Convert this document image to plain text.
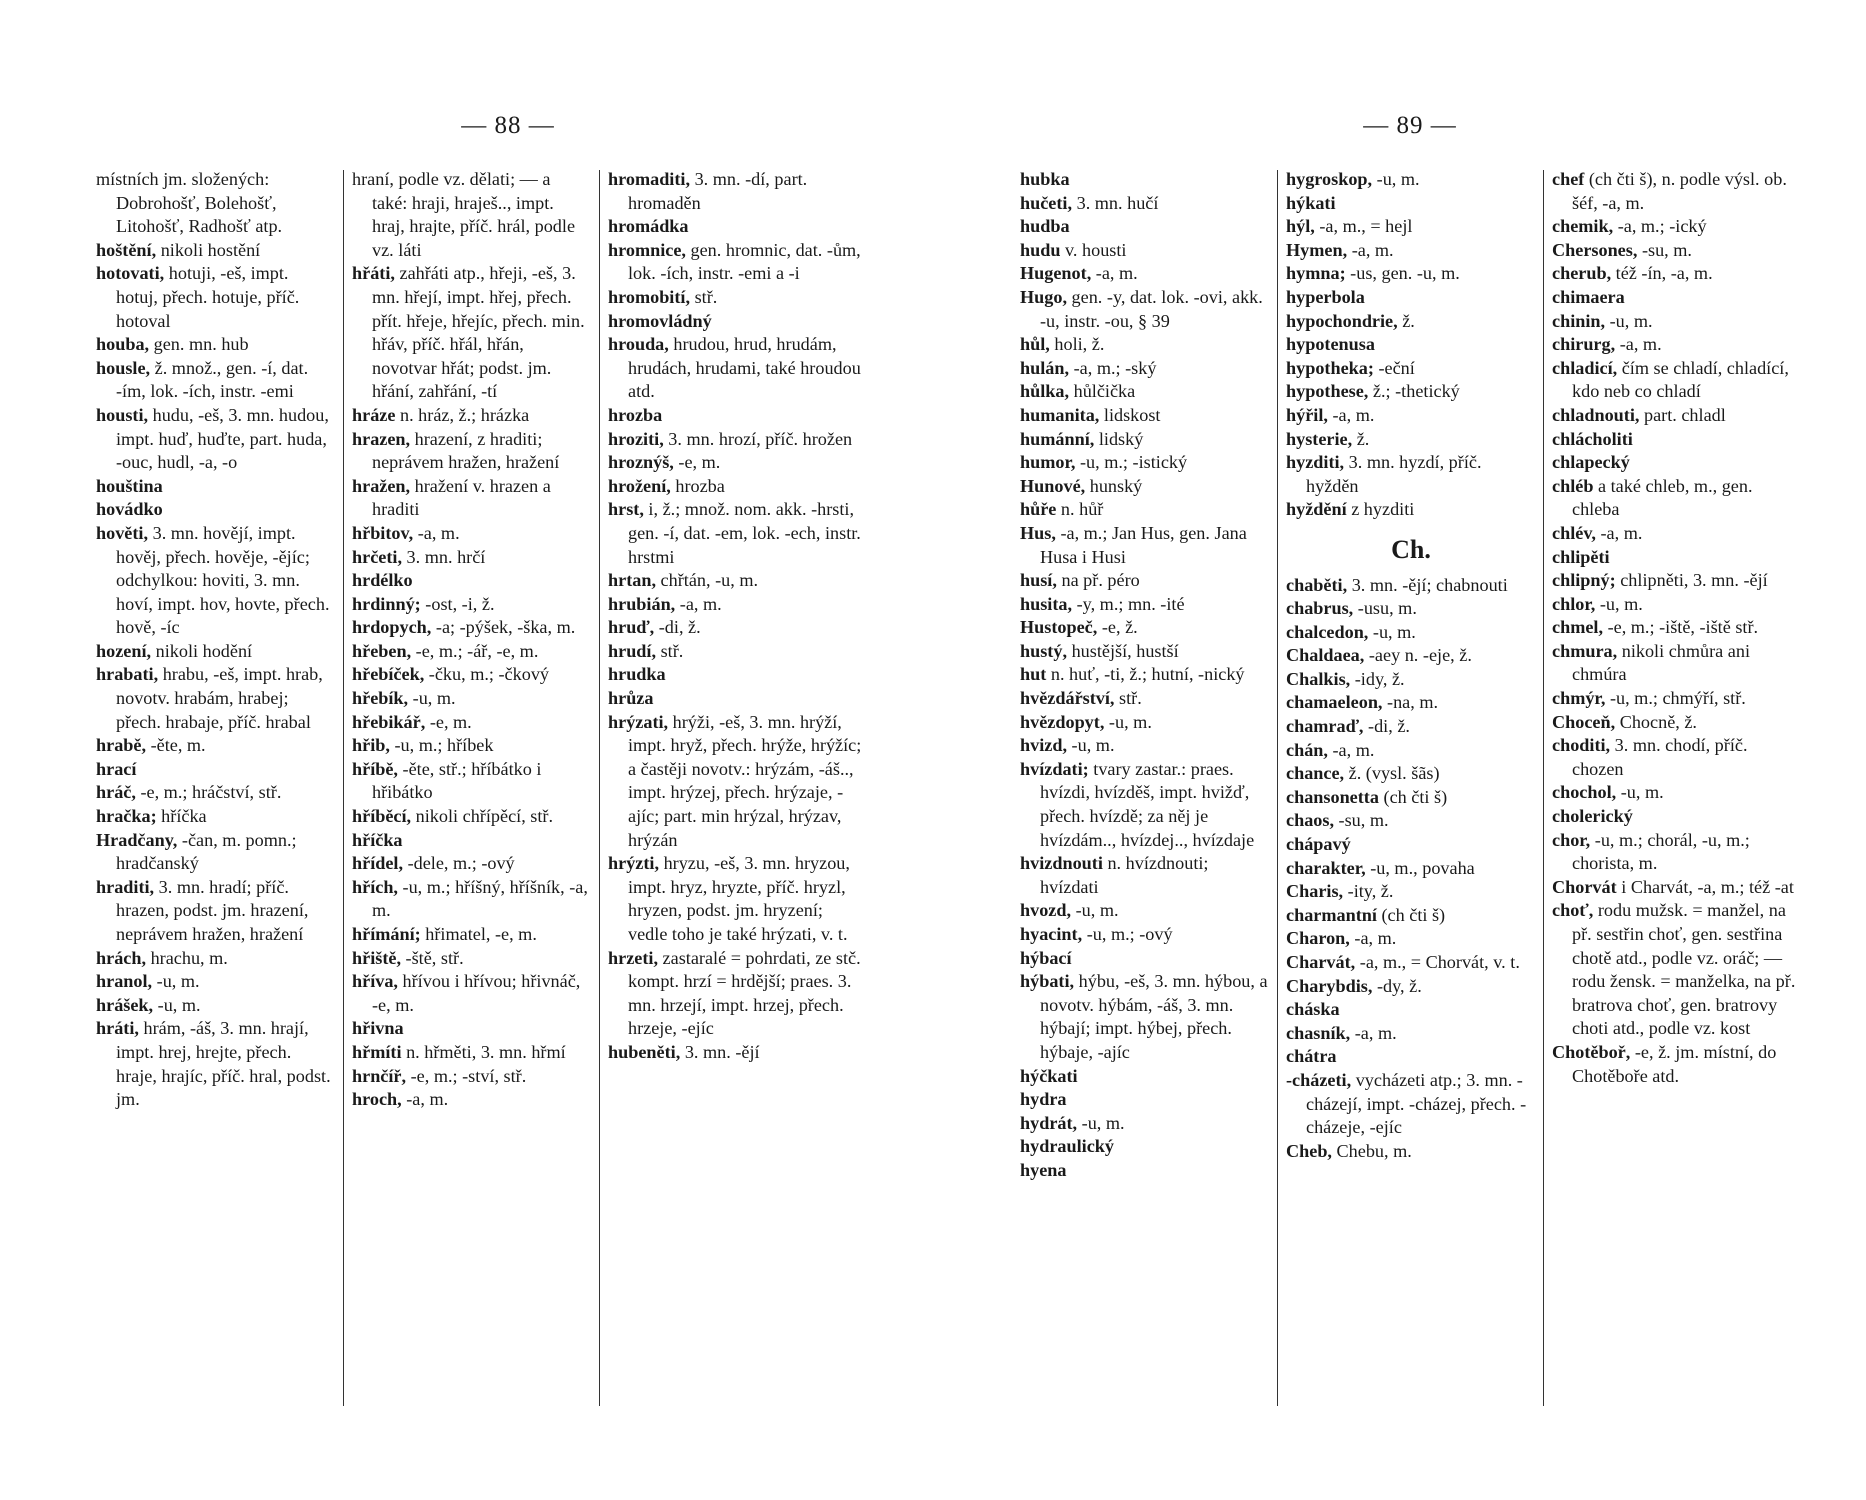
— 88 —

místních jm. složených: Dobrohošť, Bolehošť, Litohošť, Radhošť atp.

hoštění, nikoli hostění

hotovati, hotuji, -eš, impt. hotuj, přech. hotuje, příč. hotoval

houba, gen. mn. hub

housle, ž. množ., gen. -í, dat. -ím, lok. -ích, instr. -emi

housti, hudu, -eš, 3. mn. hudou, impt. huď, huďte, part. huda, -ouc, hudl, -a, -o

houština

hovádko

hověti, 3. mn. hovějí, impt. hověj, přech. hověje, -ějíc; odchylkou: hoviti, 3. mn. hoví, impt. hov, hovte, přech. hově, -íc

hození, nikoli hodění

hrabati, hrabu, -eš, impt. hrab, novotv. hrabám, hrabej; přech. hrabaje, příč. hrabal

hrabě, -ěte, m.

hrací

hráč, -e, m.; hráčství, stř.

hračka; hříčka

Hradčany, -čan, m. pomn.; hradčanský

hraditi, 3. mn. hradí; příč. hrazen, podst. jm. hrazení, neprávem hražen, hražení

hrách, hrachu, m.

hranol, -u, m.

hrášek, -u, m.

hráti, hrám, -áš, 3. mn. hrají, impt. hrej, hrejte, přech. hraje, hrajíc, příč. hral, podst. jm.

hraní, podle vz. dělati; — a také: hraji, hraješ.., impt. hraj, hrajte, příč. hrál, podle vz. láti

hřáti, zahřáti atp., hřeji, -eš, 3. mn. hřejí, impt. hřej, přech. přít. hřeje, hřejíc, přech. min. hřáv, příč. hřál, hřán, novotvar hřát; podst. jm. hřání, zahřání, -tí

hráze n. hráz, ž.; hrázka

hrazen, hrazení, z hraditi; neprávem hražen, hražení

hražen, hražení v. hrazen a hraditi

hřbitov, -a, m.

hrčeti, 3. mn. hrčí

hrdélko

hrdinný; -ost, -i, ž.

hrdopych, -a; -pýšek, -ška, m.

hřeben, -e, m.; -ář, -e, m.

hřebíček, -čku, m.; -čkový

hřebík, -u, m.

hřebikář, -e, m.

hřib, -u, m.; hříbek

hříbě, -ěte, stř.; hříbátko i hřibátko

hříběcí, nikoli chřípěcí, stř.

hříčka

hřídel, -dele, m.; -ový

hřích, -u, m.; hříšný, hříšník, -a, m.

hřímání; hřimatel, -e, m.

hřiště, -ště, stř.

hříva, hřívou i hřívou; hřivnáč, -e, m.

hřivna

hřmíti n. hřměti, 3. mn. hřmí

hrnčíř, -e, m.; -ství, stř.

hroch, -a, m.

hromaditi, 3. mn. -dí, part. hromaděn

hromádka

hromnice, gen. hromnic, dat. -ům, lok. -ích, instr. -emi a -i

hromobití, stř.

hromovládný

hrouda, hrudou, hrud, hrudám, hrudách, hrudami, také hroudou atd.

hrozba

hroziti, 3. mn. hrozí, příč. hrožen

hroznýš, -e, m.

hrožení, hrozba

hrst, i, ž.; množ. nom. akk. -hrsti, gen. -í, dat. -em, lok. -ech, instr. hrstmi

hrtan, chřtán, -u, m.

hrubián, -a, m.

hruď, -di, ž.

hrudí, stř.

hrudka

hrůza

hrýzati, hrýži, -eš, 3. mn. hrýží, impt. hryž, přech. hrýže, hrýžíc; a častěji novotv.: hrýzám, -áš.., impt. hrýzej, přech. hrýzaje, -ajíc; part. min hrýzal, hrýzav, hrýzán

hrýzti, hryzu, -eš, 3. mn. hryzou, impt. hryz, hryzte, příč. hryzl, hryzen, podst. jm. hryzení; vedle toho je také hrýzati, v. t.

hrzeti, zastaralé = pohrdati, ze stč. kompt. hrzí = hrdější; praes. 3. mn. hrzejí, impt. hrzej, přech. hrzeje, -ejíc

hubeněti, 3. mn. -ějí

— 89 —

hubka

hučeti, 3. mn. hučí

hudba

hudu v. housti

Hugenot, -a, m.

Hugo, gen. -y, dat. lok. -ovi, akk. -u, instr. -ou, § 39

hůl, holi, ž.

hulán, -a, m.; -ský

hůlka, hůlčička

humanita, lidskost

humánní, lidský

humor, -u, m.; -istický

Hunové, hunský

hůře n. hůř

Hus, -a, m.; Jan Hus, gen. Jana Husa i Husi

husí, na př. péro

husita, -y, m.; mn. -ité

Hustopeč, -e, ž.

hustý, hustější, hustší

hut n. huť, -ti, ž.; hutní, -nický

hvězdářství, stř.

hvězdopyt, -u, m.

hvizd, -u, m.

hvízdati; tvary zastar.: praes. hvízdi, hvízděš, impt. hvižď, přech. hvízdě; za něj je hvízdám.., hvízdej.., hvízdaje

hvizdnouti n. hvízdnouti; hvízdati

hvozd, -u, m.

hyacint, -u, m.; -ový

hýbací

hýbati, hýbu, -eš, 3. mn. hýbou, a novotv. hýbám, -áš, 3. mn. hýbají; impt. hýbej, přech. hýbaje, -ajíc

hýčkati

hydra

hydrát, -u, m.

hydraulický

hyena

hygroskop, -u, m.

hýkati

hýl, -a, m., = hejl

Hymen, -a, m.

hymna; -us, gen. -u, m.

hyperbola

hypochondrie, ž.

hypotenusa

hypotheka; -eční

hypothese, ž.; -thetický

hýřil, -a, m.

hysterie, ž.

hyzditi, 3. mn. hyzdí, příč. hyžděn

hyždění z hyzditi

Ch.

chaběti, 3. mn. -ějí; chabnouti

chabrus, -usu, m.

chalcedon, -u, m.

Chaldaea, -aey n. -eje, ž.

Chalkis, -idy, ž.

chamaeleon, -na, m.

chamraď, -di, ž.

chán, -a, m.

chance, ž. (vysl. šãs)

chansonetta (ch čti š)

chaos, -su, m.

chápavý

charakter, -u, m., povaha

Charis, -ity, ž.

charmantní (ch čti š)

Charon, -a, m.

Charvát, -a, m., = Chorvát, v. t.

Charybdis, -dy, ž.

cháska

chasník, -a, m.

chátra

-cházeti, vycházeti atp.; 3. mn. -cházejí, impt. -cházej, přech. -cházeje, -ejíc

Cheb, Chebu, m.

chef (ch čti š), n. podle výsl. ob. šéf, -a, m.

chemik, -a, m.; -ický

Chersones, -su, m.

cherub, též -ín, -a, m.

chimaera

chinin, -u, m.

chirurg, -a, m.

chladicí, čím se chladí, chladící, kdo neb co chladí

chladnouti, part. chladl

chlácholiti

chlapecký

chléb a také chleb, m., gen. chleba

chlév, -a, m.

chlipěti

chlipný; chlipněti, 3. mn. -ějí

chlor, -u, m.

chmel, -e, m.; -iště, -iště stř.

chmura, nikoli chmůra ani chmúra

chmýr, -u, m.; chmýří, stř.

Choceň, Chocně, ž.

choditi, 3. mn. chodí, příč. chozen

chochol, -u, m.

cholerický

chor, -u, m.; chorál, -u, m.; chorista, m.

Chorvát i Charvát, -a, m.; též -at

choť, rodu mužsk. = manžel, na př. sestřin choť, gen. sestřina chotě atd., podle vz. oráč; — rodu žensk. = manželka, na př. bratrova choť, gen. bratrovy choti atd., podle vz. kost

Chotěboř, -e, ž. jm. místní, do Chotěboře atd.
